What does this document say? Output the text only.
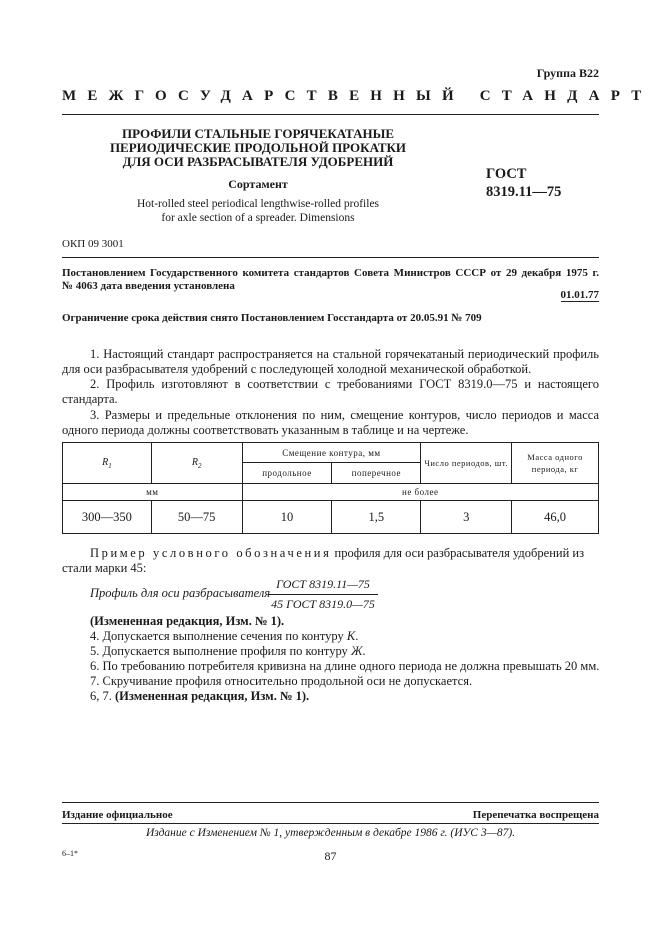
Группа В22
МЕЖГОСУДАРСТВЕННЫЙ СТАНДАРТ
ПРОФИЛИ СТАЛЬНЫЕ ГОРЯЧЕКАТАНЫЕ
ПЕРИОДИЧЕСКИЕ ПРОДОЛЬНОЙ ПРОКАТКИ
ДЛЯ ОСИ РАЗБРАСЫВАТЕЛЯ УДОБРЕНИЙ
Сортамент
Hot-rolled steel periodical lengthwise-rolled profiles
for axle section of a spreader. Dimensions
ГОСТ
8319.11—75
ОКП 09 3001
Постановлением Государственного комитета стандартов Совета Министров СССР от 29 декабря 1975 г.
№ 4063 дата введения установлена
01.01.77
Ограничение срока действия снято Постановлением Госстандарта от 20.05.91 № 709
1. Настоящий стандарт распространяется на стальной горячекатаный периодический профиль для оси разбрасывателя удобрений с последующей холодной механической обработкой.
2. Профиль изготовляют в соответствии с требованиями ГОСТ 8319.0—75 и настоящего стандарта.
3. Размеры и предельные отклонения по ним, смещение контуров, число периодов и масса одного периода должны соответствовать указанным в таблице и на чертеже.
$R_1$	$R_2$	Смещение контура, мм		Число периодов, шт.	Масса одного периода, кг
		продольное	поперечное		
мм		не более			
300—350	50—75	10	1,5	3	46,0
Пример условного обозначения профиля для оси разбрасывателя удобрений из стали марки 45:
Профиль для оси разбрасывателя
ГОСТ 8319.11—75
45 ГОСТ 8319.0—75
(Измененная редакция, Изм. № 1).
4. Допускается выполнение сечения по контуру К.
5. Допускается выполнение профиля по контуру Ж.
6. По требованию потребителя кривизна на длине одного периода не должна превышать 20 мм.
7. Скручивание профиля относительно продольной оси не допускается.
6, 7. (Измененная редакция, Изм. № 1).
Издание официальное	Перепечатка воспрещена
Издание с Изменением № 1, утвержденным в декабре 1986 г. (ИУС 3—87).
6–1*	87
